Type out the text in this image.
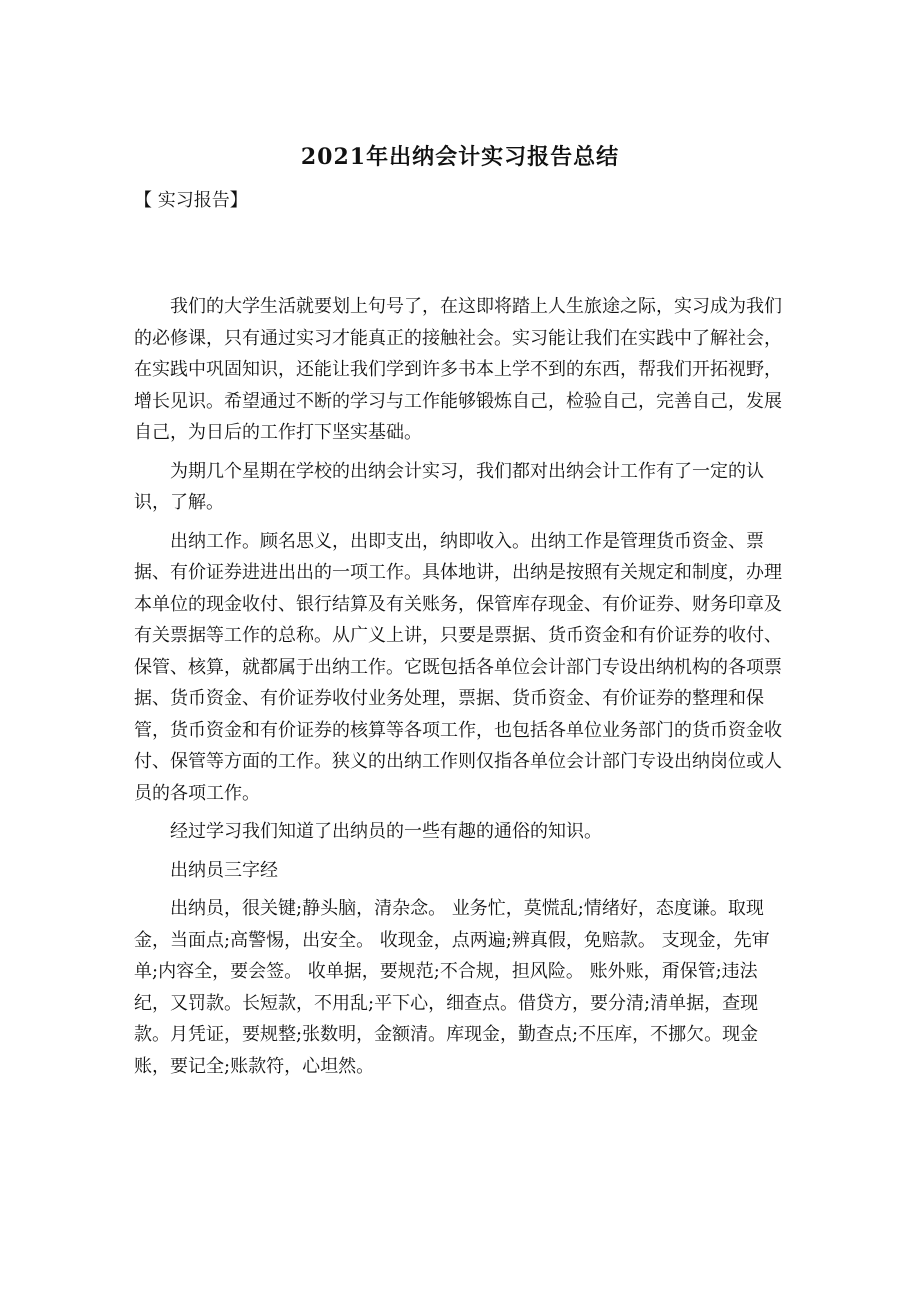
2021年出纳会计实习报告总结
【 实习报告】

我们的大学生活就要划上句号了，在这即将踏上人生旅途之际，实习成为我们的必修课，只有通过实习才能真正的接触社会。实习能让我们在实践中了解社会，在实践中巩固知识，还能让我们学到许多书本上学不到的东西，帮我们开拓视野，增长见识。希望通过不断的学习与工作能够锻炼自己，检验自己，完善自己，发展自己，为日后的工作打下坚实基础。

为期几个星期在学校的出纳会计实习，我们都对出纳会计工作有了一定的认识，了解。

出纳工作。顾名思义，出即支出，纳即收入。出纳工作是管理货币资金、票据、有价证券进进出出的一项工作。具体地讲，出纳是按照有关规定和制度，办理本单位的现金收付、银行结算及有关账务，保管库存现金、有价证券、财务印章及有关票据等工作的总称。从广义上讲，只要是票据、货币资金和有价证券的收付、保管、核算，就都属于出纳工作。它既包括各单位会计部门专设出纳机构的各项票据、货币资金、有价证券收付业务处理，票据、货币资金、有价证券的整理和保管，货币资金和有价证券的核算等各项工作，也包括各单位业务部门的货币资金收付、保管等方面的工作。狭义的出纳工作则仅指各单位会计部门专设出纳岗位或人员的各项工作。

经过学习我们知道了出纳员的一些有趣的通俗的知识。

出纳员三字经

出纳员，很关键;静头脑，清杂念。 业务忙，莫慌乱;情绪好，态度谦。取现金，当面点;高警惕，出安全。 收现金，点两遍;辨真假，免赔款。 支现金，先审单;内容全，要会签。 收单据，要规范;不合规，担风险。 账外账，甭保管;违法纪，又罚款。长短款，不用乱;平下心，细查点。借贷方，要分清;清单据，查现款。月凭证，要规整;张数明，金额清。库现金，勤查点;不压库，不挪欠。现金账，要记全;账款符，心坦然。
